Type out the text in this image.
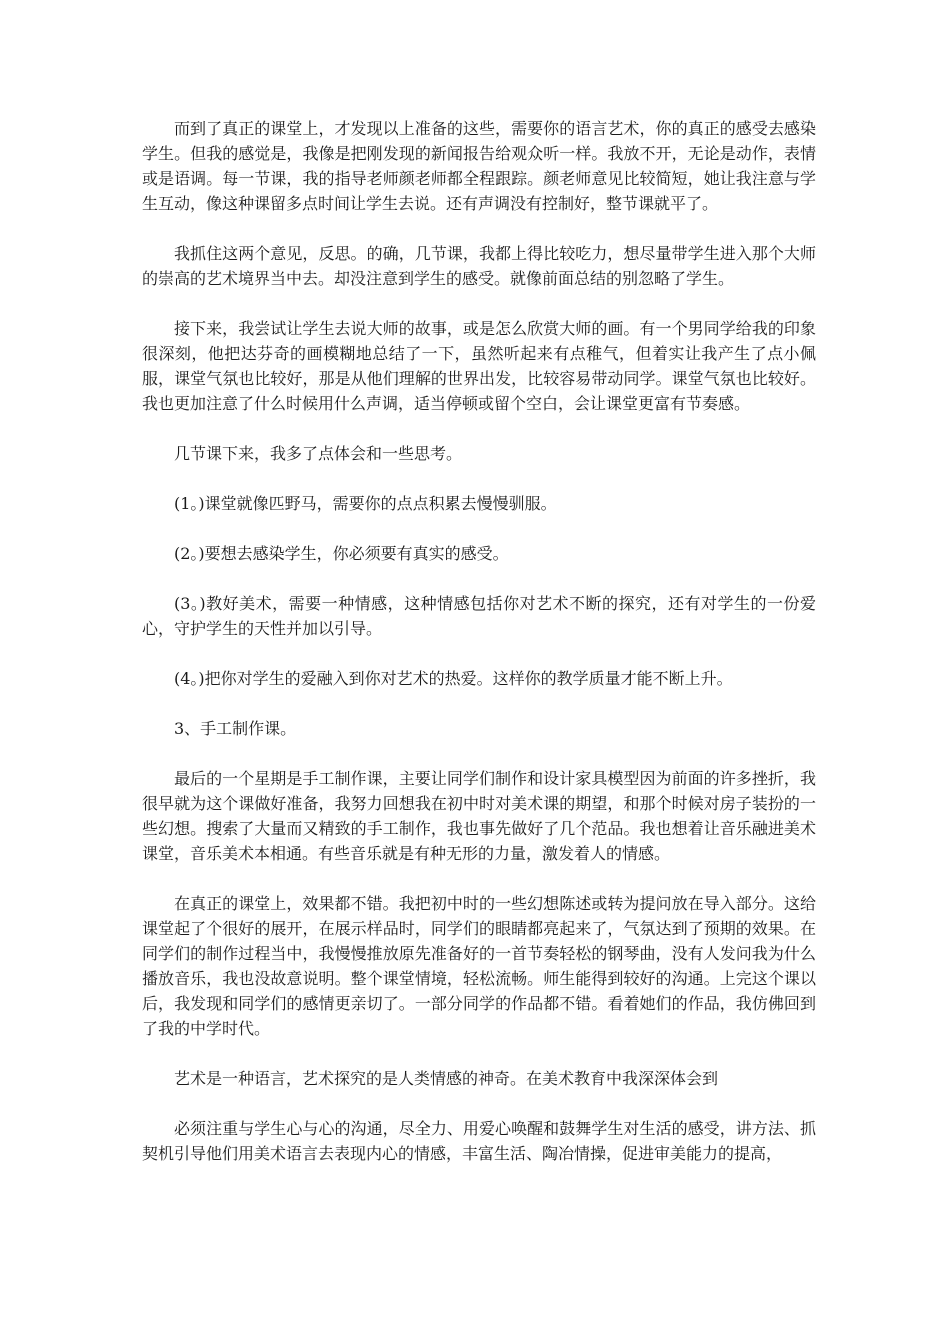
而到了真正的课堂上，才发现以上准备的这些，需要你的语言艺术，你的真正的感受去感染学生。但我的感觉是，我像是把刚发现的新闻报告给观众听一样。我放不开，无论是动作，表情或是语调。每一节课，我的指导老师颜老师都全程跟踪。颜老师意见比较简短，她让我注意与学生互动，像这种课留多点时间让学生去说。还有声调没有控制好，整节课就平了。

我抓住这两个意见，反思。的确，几节课，我都上得比较吃力，想尽量带学生进入那个大师的崇高的艺术境界当中去。却没注意到学生的感受。就像前面总结的别忽略了学生。

接下来，我尝试让学生去说大师的故事，或是怎么欣赏大师的画。有一个男同学给我的印象很深刻，他把达芬奇的画模糊地总结了一下，虽然听起来有点稚气，但着实让我产生了点小佩服，课堂气氛也比较好，那是从他们理解的世界出发，比较容易带动同学。课堂气氛也比较好。我也更加注意了什么时候用什么声调，适当停顿或留个空白，会让课堂更富有节奏感。

几节课下来，我多了点体会和一些思考。

(1。)课堂就像匹野马，需要你的点点积累去慢慢驯服。

(2。)要想去感染学生，你必须要有真实的感受。

(3。)教好美术，需要一种情感，这种情感包括你对艺术不断的探究，还有对学生的一份爱心，守护学生的天性并加以引导。

(4。)把你对学生的爱融入到你对艺术的热爱。这样你的教学质量才能不断上升。

3、手工制作课。

最后的一个星期是手工制作课，主要让同学们制作和设计家具模型因为前面的许多挫折，我很早就为这个课做好准备，我努力回想我在初中时对美术课的期望，和那个时候对房子装扮的一些幻想。搜索了大量而又精致的手工制作，我也事先做好了几个范品。我也想着让音乐融进美术课堂，音乐美术本相通。有些音乐就是有种无形的力量，激发着人的情感。

在真正的课堂上，效果都不错。我把初中时的一些幻想陈述或转为提问放在导入部分。这给课堂起了个很好的展开，在展示样品时，同学们的眼睛都亮起来了，气氛达到了预期的效果。在同学们的制作过程当中，我慢慢推放原先准备好的一首节奏轻松的钢琴曲，没有人发问我为什么播放音乐，我也没故意说明。整个课堂情境，轻松流畅。师生能得到较好的沟通。上完这个课以后，我发现和同学们的感情更亲切了。一部分同学的作品都不错。看着她们的作品，我仿佛回到了我的中学时代。

艺术是一种语言，艺术探究的是人类情感的神奇。在美术教育中我深深体会到

必须注重与学生心与心的沟通，尽全力、用爱心唤醒和鼓舞学生对生活的感受，讲方法、抓契机引导他们用美术语言去表现内心的情感，丰富生活、陶冶情操，促进审美能力的提高，
